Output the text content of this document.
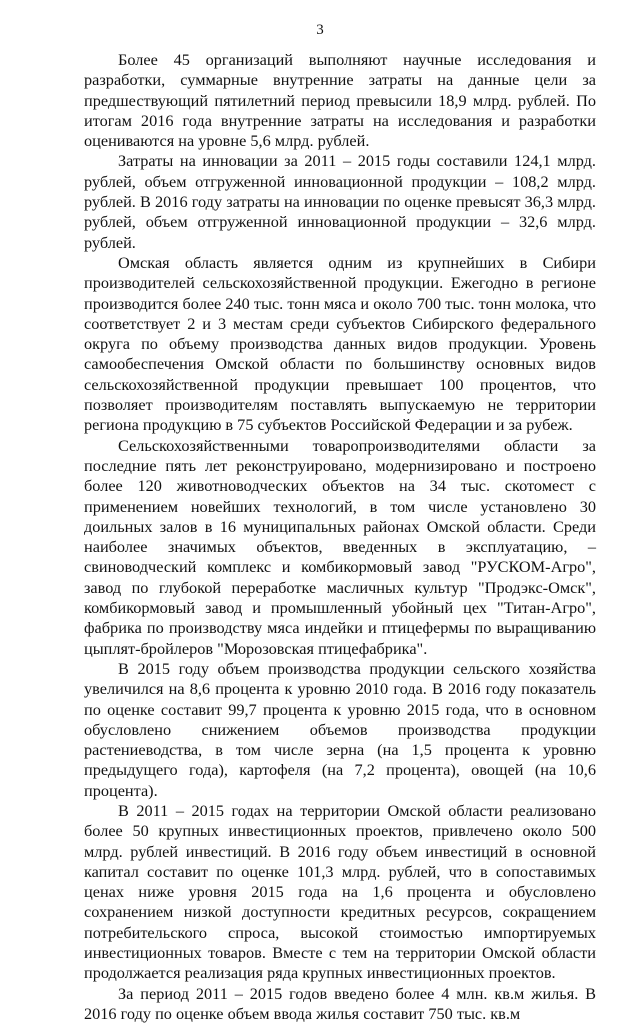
3

Более 45 организаций выполняют научные исследования и разработки, суммарные внутренние затраты на данные цели за предшествующий пятилетний период превысили 18,9 млрд. рублей. По итогам 2016 года внутренние затраты на исследования и разработки оцениваются на уровне 5,6 млрд. рублей.

Затраты на инновации за 2011 – 2015 годы составили 124,1 млрд. рублей, объем отгруженной инновационной продукции – 108,2 млрд. рублей. В 2016 году затраты на инновации по оценке превысят 36,3 млрд. рублей, объем отгруженной инновационной продукции – 32,6 млрд. рублей.

Омская область является одним из крупнейших в Сибири производителей сельскохозяйственной продукции. Ежегодно в регионе производится более 240 тыс. тонн мяса и около 700 тыс. тонн молока, что соответствует 2 и 3 местам среди субъектов Сибирского федерального округа по объему производства данных видов продукции. Уровень самообеспечения Омской области по большинству основных видов сельскохозяйственной продукции превышает 100 процентов, что позволяет производителям поставлять выпускаемую не территории региона продукцию в 75 субъектов Российской Федерации и за рубеж.

Сельскохозяйственными товаропроизводителями области за последние пять лет реконструировано, модернизировано и построено более 120 животноводческих объектов на 34 тыс. скотомест с применением новейших технологий, в том числе установлено 30 доильных залов в 16 муниципальных районах Омской области. Среди наиболее значимых объектов, введенных в эксплуатацию, – свиноводческий комплекс и комбикормовый завод "РУСКОМ-Агро", завод по глубокой переработке масличных культур "Продэкс-Омск", комбикормовый завод и промышленный убойный цех "Титан-Агро", фабрика по производству мяса индейки и птицефермы по выращиванию цыплят-бройлеров "Морозовская птицефабрика".

В 2015 году объем производства продукции сельского хозяйства увеличился на 8,6 процента к уровню 2010 года. В 2016 году показатель по оценке составит 99,7 процента к уровню 2015 года, что в основном обусловлено снижением объемов производства продукции растениеводства, в том числе зерна (на 1,5 процента к уровню предыдущего года), картофеля (на 7,2 процента), овощей (на 10,6 процента).

В 2011 – 2015 годах на территории Омской области реализовано более 50 крупных инвестиционных проектов, привлечено около 500 млрд. рублей инвестиций. В 2016 году объем инвестиций в основной капитал составит по оценке 101,3 млрд. рублей, что в сопоставимых ценах ниже уровня 2015 года на 1,6 процента и обусловлено сохранением низкой доступности кредитных ресурсов, сокращением потребительского спроса, высокой стоимостью импортируемых инвестиционных товаров. Вместе с тем на территории Омской области продолжается реализация ряда крупных инвестиционных проектов.

За период 2011 – 2015 годов введено более 4 млн. кв.м жилья. В 2016 году по оценке объем ввода жилья составит 750 тыс. кв.м
